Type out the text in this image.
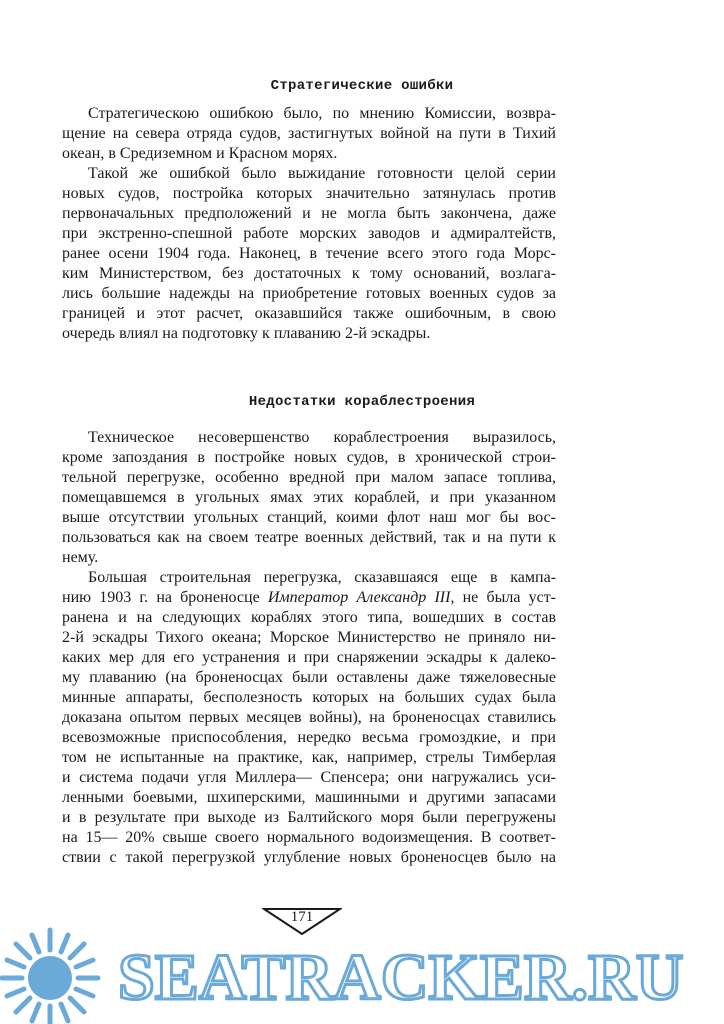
Стратегические ошибки
Стратегическою ошибкою было, по мнению Комиссии, возвра-
щение на севера отряда судов, застигнутых войной на пути в Тихий
океан, в Средиземном и Красном морях.
Такой же ошибкой было выжидание готовности целой серии
новых судов, постройка которых значительно затянулась против
первоначальных предположений и не могла быть закончена, даже
при экстренно-спешной работе морских заводов и адмиралтейств,
ранее осени 1904 года. Наконец, в течение всего этого года Морс-
ким Министерством, без достаточных к тому оснований, возлага-
лись большие надежды на приобретение готовых военных судов за
границей и этот расчет, оказавшийся также ошибочным, в свою
очередь влиял на подготовку к плаванию 2-й эскадры.
Недостатки кораблестроения
Техническое несовершенство кораблестроения выразилось,
кроме запоздания в постройке новых судов, в хронической строи-
тельной перегрузке, особенно вредной при малом запасе топлива,
помещавшемся в угольных ямах этих кораблей, и при указанном
выше отсутствии угольных станций, коими флот наш мог бы вос-
пользоваться как на своем театре военных действий, так и на пути к
нему.
Большая строительная перегрузка, сказавшаяся еще в кампа-
нию 1903 г. на броненосце Император Александр III, не была уст-
ранена и на следующих кораблях этого типа, вошедших в состав
2-й эскадры Тихого океана; Морское Министерство не приняло ни-
каких мер для его устранения и при снаряжении эскадры к далеко-
му плаванию (на броненосцах были оставлены даже тяжеловесные
минные аппараты, бесполезность которых на больших судах была
доказана опытом первых месяцев войны), на броненосцах ставились
всевозможные приспособления, нередко весьма громоздкие, и при
том не испытанные на практике, как, например, стрелы Тимберлая
и система подачи угля Миллера— Спенсера; они нагружались уси-
ленными боевыми, шхиперскими, машинными и другими запасами
и в результате при выходе из Балтийского моря были перегружены
на 15— 20% свыше своего нормального водоизмещения. В соответ-
ствии с такой перегрузкой углубление новых броненосцев было на
171
SEATRACKER.RU
